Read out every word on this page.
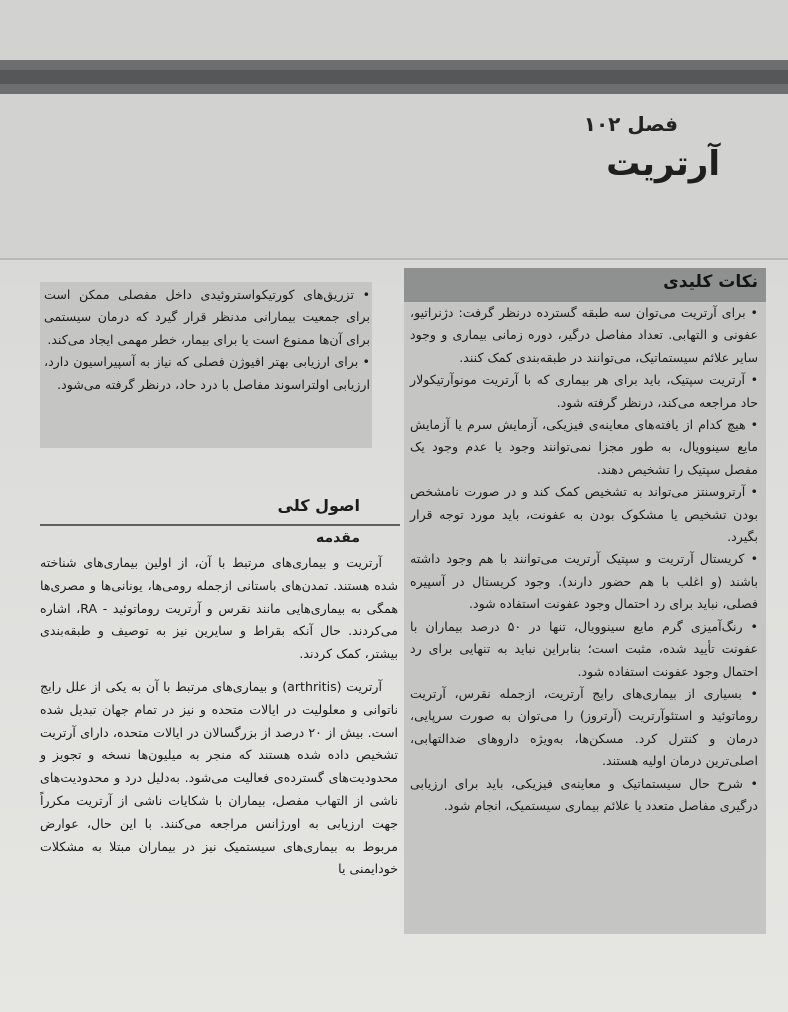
فصل ۱۰۲
آرتریت
نکات کلیدی

• برای آرتریت می‌توان سه طبقه گسترده درنظر گرفت: دژنراتیو، عفونی و التهابی. تعداد مفاصل درگیر، دوره زمانی بیماری و وجود سایر علائم سیستماتیک، می‌توانند در طبقه‌بندی کمک کنند.

• آرتریت سپتیک، باید برای هر بیماری که با آرتریت مونوآرتیکولار حاد مراجعه می‌کند، درنظر گرفته شود.

• هیچ کدام از یافته‌های معاینه‌ی فیزیکی، آزمایش سرم یا آزمایش مایع سینوویال، به طور مجزا نمی‌توانند وجود یا عدم وجود یک مفصل سپتیک را تشخیص دهند.

• آرتروسنتز می‌تواند به تشخیص کمک کند و در صورت نامشخص بودن تشخیص یا مشکوک بودن به عفونت، باید مورد توجه قرار بگیرد.

• کریستال آرتریت و سپتیک آرتریت می‌توانند با هم وجود داشته باشند (و اغلب با هم حضور دارند). وجود کریستال در آسپیره فصلی، نباید برای رد احتمال وجود عفونت استفاده شود.

• رنگ‌آمیزی گرم مایع سینوویال، تنها در ۵۰ درصد بیماران با عفونت تأیید شده، مثبت است؛ بنابراین نباید به تنهایی برای رد احتمال وجود عفونت استفاده شود.

• بسیاری از بیماری‌های رایج آرتریت، ازجمله نقرس، آرتریت روماتوئید و استئوآرتریت (آرتروز) را می‌توان به صورت سرپایی، درمان و کنترل کرد. مسکن‌ها، به‌ویژه داروهای ضدالتهابی، اصلی‌ترین درمان اولیه هستند.

• شرح حال سیستماتیک و معاینه‌ی فیزیکی، باید برای ارزیابی درگیری مفاصل متعدد یا علائم بیماری سیستمیک، انجام شود.

• تزریق‌های کورتیکواستروئیدی داخل مفصلی ممکن است برای جمعیت بیمارانی مدنظر قرار گیرد که درمان سیستمی برای آن‌ها ممنوع است یا برای بیمار، خطر مهمی ایجاد می‌کند.

• برای ارزیابی بهتر افیوژن فصلی که نیاز به آسپیراسیون دارد، ارزیابی اولتراسوند مفاصل با درد حاد، درنظر گرفته می‌شود.

اصول کلی
مقدمه

آرتریت و بیماری‌های مرتبط با آن، از اولین بیماری‌های شناخته شده هستند. تمدن‌های باستانی ازجمله رومی‌ها، یونانی‌ها و مصری‌ها همگی به بیماری‌هایی مانند نقرس و آرتریت روماتوئید - RA، اشاره می‌کردند. حال آنکه بقراط و سایرین نیز به توصیف و طبقه‌بندی بیشتر، کمک کردند.

آرتریت (arthritis) و بیماری‌های مرتبط با آن به یکی از علل رایج ناتوانی و معلولیت در ایالات متحده و نیز در تمام جهان تبدیل شده است. بیش از ۲۰ درصد از بزرگسالان در ایالات متحده، دارای آرتریت تشخیص داده شده هستند که منجر به میلیون‌ها نسخه و تجویز و محدودیت‌های گسترده‌ی فعالیت می‌شود. به‌دلیل درد و محدودیت‌های ناشی از التهاب مفصل، بیماران با شکایات ناشی از آرتریت مکرراً جهت ارزیابی به اورژانس مراجعه می‌کنند. با این حال، عوارض مربوط به بیماری‌های سیستمیک نیز در بیماران مبتلا به مشکلات خودایمنی یا
